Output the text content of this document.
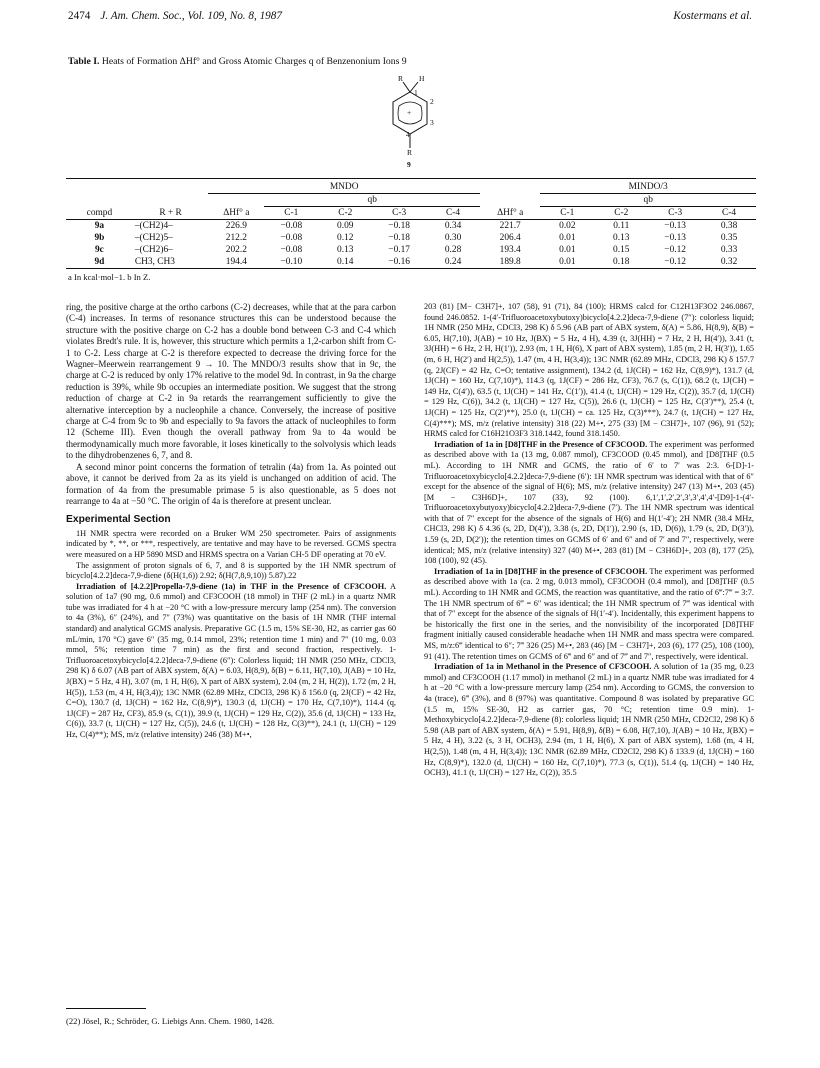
2474 J. Am. Chem. Soc., Vol. 109, No. 8, 1987	Kostermans et al.
Table I. Heats of Formation ΔHf° and Gross Atomic Charges q of Benzenonium Ions 9
R H
1
2
3
4
+
R
9

		MNDO						MINDO/3			
			qb					qb			
compd	R + R	ΔHf° a	C-1	C-2	C-3	C-4	ΔHf° a	C-1	C-2	C-3	C-4
9a	–(CH2)4–	226.9	−0.08	0.09	−0.18	0.34	221.7	0.02	0.11	−0.13	0.38
9b	–(CH2)5–	212.2	−0.08	0.12	−0.18	0.30	206.4	0.01	0.13	−0.13	0.35
9c	–(CH2)6–	202.2	−0.08	0.13	−0.17	0.28	193.4	0.01	0.15	−0.12	0.33
9d	CH3, CH3	194.4	−0.10	0.14	−0.16	0.24	189.8	0.01	0.18	−0.12	0.32
a In kcal·mol−1. b In Z.

ring, the positive charge at the ortho carbons (C-2) decreases, while that at the para carbon (C-4) increases. In terms of resonance structures this can be understood because the structure with the positive charge on C-2 has a double bond between C-3 and C-4 which violates Bredt's rule. It is, however, this structure which permits a 1,2-carbon shift from C-1 to C-2. Less charge at C-2 is therefore expected to decrease the driving force for the Wagner–Meerwein rearrangement 9 → 10. The MNDO/3 results show that in 9c, the charge at C-2 is reduced by only 17% relative to the model 9d. In contrast, in 9a the charge reduction is 39%, while 9b occupies an intermediate position. We suggest that the strong reduction of charge at C-2 in 9a retards the rearrangement sufficiently to give the alternative interception by a nucleophile a chance. Conversely, the increase of positive charge at C-4 from 9c to 9b and especially to 9a favors the attack of nucleophiles to form 12 (Scheme III). Even though the overall pathway from 9a to 4a would be thermodynamically much more favorable, it loses kinetically to the solvolysis which leads to the dihydrobenzenes 6, 7, and 8.

A second minor point concerns the formation of tetralin (4a) from 1a. As pointed out above, it cannot be derived from 2a as its yield is unchanged on addition of acid. The formation of 4a from the presumable primase 5 is also questionable, as 5 does not rearrange to 4a at −50 °C. The origin of 4a is therefore at present unclear.

Experimental Section

1H NMR spectra were recorded on a Bruker WM 250 spectrometer. Pairs of assignments indicated by *, **, or ***, respectively, are tentative and may have to be reversed. GCMS spectra were measured on a HP 5890 MSD and HRMS spectra on a Varian CH-5 DF operating at 70 eV.

The assignment of proton signals of 6, 7, and 8 is supported by the 1H NMR spectrum of bicyclo[4.2.2]deca-7,9-diene (δ(H(1,6)) 2.92; δ(H(7,8,9,10)) 5.87).22

Irradiation of [4.2.2]Propella-7,9-diene (1a) in THF in the Presence of CF3COOH. A solution of 1a7 (90 mg, 0.6 mmol) and CF3COOH (18 mmol) in THF (2 mL) in a quartz NMR tube was irradiated for 4 h at −20 °C with a low-pressure mercury lamp (254 nm). The conversion to 4a (3%), 6″ (24%), and 7″ (73%) was quantitative on the basis of 1H NMR (THF internal standard) and analytical GCMS analysis. Preparative GC (1.5 m, 15% SE-30, H2, as carrier gas 60 mL/min, 170 °C) gave 6″ (35 mg, 0.14 mmol, 23%; retention time 1 min) and 7″ (10 mg, 0.03 mmol, 5%; retention time 7 min) as the first and second fraction, respectively. 1-Trifluoroacetoxybicyclo[4.2.2]deca-7,9-diene (6″): Colorless liquid; 1H NMR (250 MHz, CDCl3, 298 K) δ 6.07 (AB part of ABX system, δ(A) = 6.03, H(8,9), δ(B) = 6.11, H(7,10), J(AB) = 10 Hz, J(BX) = 5 Hz, 4 H), 3.07 (m, 1 H, H(6), X part of ABX system), 2.04 (m, 2 H, H(2)), 1.72 (m, 2 H, H(5)), 1.53 (m, 4 H, H(3,4)); 13C NMR (62.89 MHz, CDCl3, 298 K) δ 156.0 (q, 2J(CF) = 42 Hz, C=O), 130.7 (d, 1J(CH) = 162 Hz, C(8,9)*), 130.3 (d, 1J(CH) = 170 Hz, C(7,10)*), 114.4 (q, 1J(CF) = 287 Hz, CF3), 85.9 (s, C(1)), 39.9 (t, 1J(CH) = 129 Hz, C(2)), 35.6 (d, 1J(CH) = 133 Hz, C(6)), 33.7 (t, 1J(CH) = 127 Hz, C(5)), 24.6 (t, 1J(CH) = 128 Hz, C(3)**), 24.1 (t, 1J(CH) = 129 Hz, C(4)**); MS, m/z (relative intensity) 246 (38) M+•,

203 (81) [M− C3H7]+, 107 (58), 91 (71), 84 (100); HRMS calcd for C12H13F3O2 246.0867, found 246.0852. 1-(4′-Trifluoroacetoxybutoxy)bicyclo[4.2.2]deca-7,9-diene (7″): colorless liquid; 1H NMR (250 MHz, CDCl3, 298 K) δ 5.96 (AB part of ABX system, δ(A) = 5.86, H(8,9), δ(B) = 6.05, H(7,10), J(AB) = 10 Hz, J(BX) = 5 Hz, 4 H), 4.39 (t, 3J(HH) = 7 Hz, 2 H, H(4′)), 3.41 (t, 3J(HH) = 6 Hz, 2 H, H(1′)), 2.93 (m, 1 H, H(6), X part of ABX system), 1.85 (m, 2 H, H(3′)), 1.65 (m, 6 H, H(2′) and H(2,5)), 1.47 (m, 4 H, H(3,4)); 13C NMR (62.89 MHz, CDCl3, 298 K) δ 157.7 (q, 2J(CF) = 42 Hz, C=O; tentative assignment), 134.2 (d, 1J(CH) = 162 Hz, C(8,9)*), 131.7 (d, 1J(CH) = 160 Hz, C(7,10)*), 114.3 (q, 1J(CF) = 286 Hz, CF3), 76.7 (s, C(1)), 68.2 (t, 1J(CH) = 149 Hz, C(4′)), 63.5 (t, 1J(CH) = 141 Hz, C(1′)), 41.4 (t, 1J(CH) = 129 Hz, C(2)), 35.7 (d, 1J(CH) = 129 Hz, C(6)), 34.2 (t, 1J(CH) = 127 Hz, C(5)), 26.6 (t, 1J(CH) = 125 Hz, C(3′)**), 25.4 (t, 1J(CH) = 125 Hz, C(2′)**), 25.0 (t, 1J(CH) = ca. 125 Hz, C(3)***), 24.7 (t, 1J(CH) = 127 Hz, C(4)***); MS, m/z (relative intensity) 318 (22) M+•, 275 (33) [M − C3H7]+, 107 (96), 91 (52); HRMS calcd for C16H21O3F3 318.1442, found 318.1450.

Irradiation of 1a in [D8]THF in the Presence of CF3COOD. The experiment was performed as described above with 1a (13 mg, 0.087 mmol), CF3COOD (0.45 mmol), and [D8]THF (0.5 mL). According to 1H NMR and GCMS, the ratio of 6′ to 7′ was 2:3. 6-[D]-1-Trifluoroacetoxybicyclo[4.2.2]deca-7,9-diene (6′): 1H NMR spectrum was identical with that of 6″ except for the absence of the signal of H(6); MS, m/z (relative intensity) 247 (13) M+•, 203 (45) [M − C3H6D]+, 107 (33), 92 (100). 6,1′,1′,2′,2′,3′,3′,4′,4′-[D9]-1-(4′-Trifluoroacetoxybutyoxy)bicyclo[4.2.2]deca-7,9-diene (7′). The 1H NMR spectrum was identical with that of 7″ except for the absence of the signals of H(6) and H(1′-4′); 2H NMR (38.4 MHz, CHCl3, 298 K) δ 4.36 (s, 2D, D(4′)), 3.38 (s, 2D, D(1′)), 2.90 (s, 1D, D(6)), 1.79 (s, 2D, D(3′)), 1.59 (s, 2D, D(2′)); the retention times on GCMS of 6′ and 6″ and of 7′ and 7″, respectively, were identical; MS, m/z (relative intensity) 327 (40) M+•, 283 (81) [M − C3H6D]+, 203 (8), 177 (25), 108 (100), 92 (45).

Irradiation of 1a in [D8]THF in the presence of CF3COOH. The experiment was performed as described above with 1a (ca. 2 mg, 0.013 mmol), CF3COOH (0.4 mmol), and [D8]THF (0.5 mL). According to 1H NMR and GCMS, the reaction was quantitative, and the ratio of 6‴:7‴ = 3:7. The 1H NMR spectrum of 6‴ = 6″ was identical; the 1H NMR spectrum of 7‴ was identical with that of 7″ except for the absence of the signals of H(1′-4′). Incidentally, this experiment happens to be historically the first one in the series, and the nonvisibility of the incorporated [D8]THF fragment initially caused considerable headache when 1H NMR and mass spectra were compared. MS, m/z:6‴ identical to 6″; 7‴ 326 (25) M+•, 283 (46) [M − C3H7]+, 203 (6), 177 (25), 108 (100), 91 (41). The retention times on GCMS of 6‴ and 6″ and of 7‴ and 7″, respectively, were identical.

Irradiation of 1a in Methanol in the Presence of CF3COOH. A solution of 1a (35 mg, 0.23 mmol) and CF3COOH (1.17 mmol) in methanol (2 mL) in a quartz NMR tube was irradiated for 4 h at −20 °C with a low-pressure mercury lamp (254 nm). According to GCMS, the conversion to 4a (trace), 6‴ (3%), and 8 (97%) was quantitative. Compound 8 was isolated by preparative GC (1.5 m, 15% SE-30, H2 as carrier gas, 70 °C; retention time 0.9 min). 1-Methoxybicyclo[4.2.2]deca-7,9-diene (8): colorless liquid; 1H NMR (250 MHz, CD2Cl2, 298 K) δ 5.98 (AB part of ABX system, δ(A) = 5.91, H(8,9), δ(B) = 6.08, H(7,10), J(AB) = 10 Hz, J(BX) = 5 Hz, 4 H), 3.22 (s, 3 H, OCH3), 2.94 (m, 1 H, H(6), X part of ABX system), 1.68 (m, 4 H, H(2,5)), 1.48 (m, 4 H, H(3,4)); 13C NMR (62.89 MHz, CD2Cl2, 298 K) δ 133.9 (d, 1J(CH) = 160 Hz, C(8,9)*), 132.0 (d, 1J(CH) = 160 Hz, C(7,10)*), 77.3 (s, C(1)), 51.4 (q, 1J(CH) = 140 Hz, OCH3), 41.1 (t, 1J(CH) = 127 Hz, C(2)), 35.5

(22) Jösel, R.; Schröder, G. Liebigs Ann. Chem. 1980, 1428.
